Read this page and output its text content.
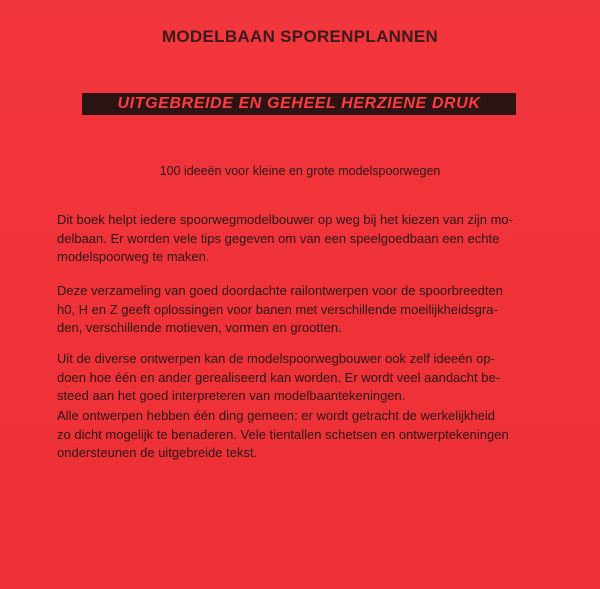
MODELBAAN SPORENPLANNEN
UITGEBREIDE EN GEHEEL HERZIENE DRUK
100 ideeën voor kleine en grote modelspoorwegen
Dit boek helpt iedere spoorwegmodelbouwer op weg bij het kiezen van zijn mo-
delbaan. Er worden vele tips gegeven om van een speelgoedbaan een echte
modelspoorweg te maken.
Deze verzameling van goed doordachte railontwerpen voor de spoorbreedten
h0, H en Z geeft oplossingen voor banen met verschillende moeilijkheidsgra-
den, verschillende motieven, vormen en grootten.
Uit de diverse ontwerpen kan de modelspoorwegbouwer ook zelf ideeën op-
doen hoe één en ander gerealiseerd kan worden. Er wordt veel aandacht be-
steed aan het goed interpreteren van modelbaantekeningen.
Alle ontwerpen hebben één ding gemeen: er wordt getracht de werkelijkheid
zo dicht mogelijk te benaderen. Vele tientallen schetsen en ontwerptekeningen
ondersteunen de uitgebreide tekst.
